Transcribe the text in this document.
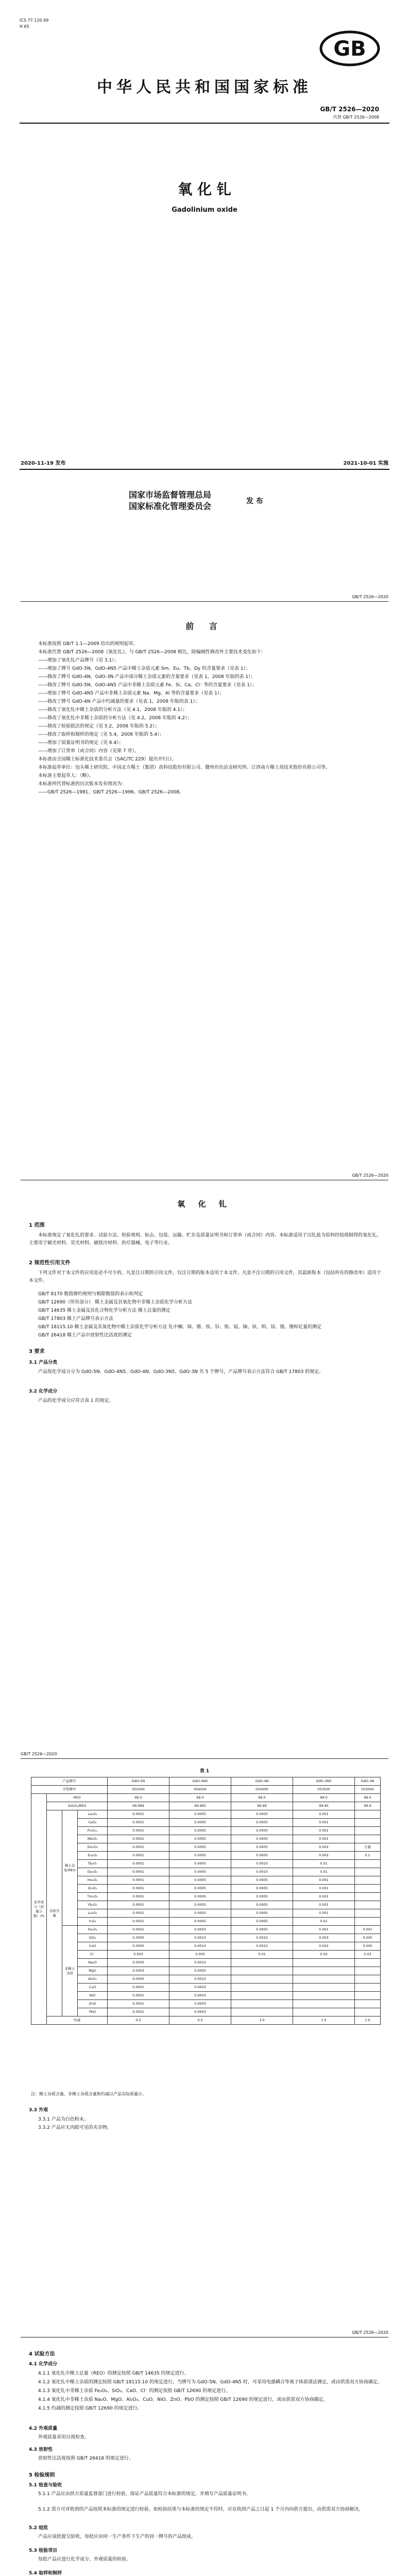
ICS 77.120.99
H 65
GB
中华人民共和国国家标准
GB/T 2526—2020
代替 GB/T 2526—2008
氧 化 钆
Gadolinium oxide
2020-11-19 发布	2021-10-01 实施
国家市场监督管理总局
国家标准化管理委员会	发 布
GB/T 2526—2020
前 言
本标准按照 GB/T 1.1—2009 给出的规则起草。
本标准代替 GB/T 2526—2008《氧化钆》。与 GB/T 2526—2008 相比，除编辑性修改外主要技术变化如下：
——增加了氧化钆产品牌号（见 3.1）；
——增加了牌号 GdO-5N、GdO-4N5 产品中稀土杂质元素 Sm、Eu、Tb、Dy 的含量要求（见表 1）；
——修改了牌号 GdO-4N、GdO-3N 产品中部分稀土杂质元素的含量要求（见表 1，2008 年版的表 1）；
——修改了牌号 GdO-5N、GdO-4N5 产品中非稀土杂质元素 Fe、Si、Ca、Cl⁻ 等的含量要求（见表 1）；
——增加了牌号 GdO-4N5 产品中非稀土杂质元素 Na、Mg、Al 等的含量要求（见表 1）；
——修改了牌号 GdO-4N 产品中灼减量的要求（见表 1，2008 年版的表 1）；
——修改了氧化钆中稀土杂质的分析方法（见 4.1，2008 年版的 4.1）；
——修改了氧化钆中非稀土杂质的分析方法（见 4.2，2008 年版的 4.2）；
——修改了检验批次的规定（见 5.2，2008 年版的 5.2）；
——修改了取样和制样的规定（见 5.4，2008 年版的 5.4）；
——增加了质量证明书的规定（见 6.4）；
——增加了订货单（或合同）内容（见第 7 章）。
本标准由全国稀土标准化技术委员会（SAC/TC 229）提出并归口。
本标准起草单位：包头稀土研究院、中国北方稀土（集团）高科技股份有限公司、赣州有色冶金研究所、江西南方稀土高技术股份有限公司等。
本标准主要起草人：（略）。
本标准所代替标准的历次版本发布情况为：
——GB/T 2526—1981、GB/T 2526—1996、GB/T 2526—2008。
GB/T 2526—2020
氧 化 钆
1 范围
本标准规定了氧化钆的要求、试验方法、检验规则、标志、包装、运输、贮存及质量证明书和订货单（或合同）内容。本标准适用于以钆盐为原料经焙烧制得的氧化钆。主要用于磁光材料、荧光材料、磁致冷材料、医疗器械、电子等行业。
2 规范性引用文件
下列文件对于本文件的应用是必不可少的。凡是注日期的引用文件，仅注日期的版本适用于本文件。凡是不注日期的引用文件，其最新版本（包括所有的修改单）适用于本文件。
GB/T 8170 数值修约规则与极限数值的表示和判定
GB/T 12690（所有部分） 稀土金属及其氧化物中非稀土杂质化学分析方法
GB/T 14635 稀土金属及其化合物化学分析方法 稀土总量的测定
GB/T 17803 稀土产品牌号表示方法
GB/T 18115.10 稀土金属及其氧化物中稀土杂质化学分析方法 钆中镧、铈、镨、钕、钐、铕、铽、镝、钬、铒、铥、镱、镥和钇量的测定
GB/T 26418 稀土产品中放射性比活度的测定
3 要求
3.1 产品分类
产品按化学成分分为 GdO-5N、GdO-4N5、GdO-4N、GdO-3N5、GdO-3N 共 5 个牌号，产品牌号表示方法符合 GB/T 17803 的规定。
3.2 化学成分
产品的化学成分应符合表 1 的规定。
GB/T 2526—2020
表 1
产品牌号				GdO-5N	GdO-4N5	GdO-4N	GdO-3N5	GdO-3N
字符牌号				055000	054500	054000	053500	053000
化学成分（质量分数）/%	REO			99.0	99.0	99.0	99.0	99.0
	Gd₂O₃/REO			99.999	99.995	99.99	99.95	99.9
	杂质含量	稀土杂质/REO	La₂O₃	0.0001	0.0005	0.0005	0.001	
			CeO₂	0.0001	0.0005	0.0005	0.001	
			Pr₆O₁₁	0.0001	0.0005	0.0005	0.001	
			Nd₂O₃	0.0001	0.0005	0.0005	0.001	
			Sm₂O₃	0.0001	0.0005	0.0005	0.002	合量
			Eu₂O₃	0.0001	0.0005	0.0005	0.002	0.1
			Tb₄O₇	0.0001	0.0005	0.0010	0.01	
			Dy₂O₃	0.0001	0.0005	0.0010	0.01	
			Ho₂O₃	0.0001	0.0005	0.0005	0.001	
			Er₂O₃	0.0001	0.0005	0.0005	0.001	
			Tm₂O₃	0.0001	0.0005	0.0005	0.001	
			Yb₂O₃	0.0001	0.0005	0.0005	0.001	
			Lu₂O₃	0.0001	0.0005	0.0005	0.001	
			Y₂O₃	0.0001	0.0005	0.0005	0.01	
		非稀土杂质	Fe₂O₃	0.0001	0.0003	0.0005	0.001	0.001
			SiO₂	0.0005	0.0010	0.0010	0.003	0.005
			CaO	0.0005	0.0010	0.0010	0.002	0.005
			Cl⁻	0.003	0.005	0.01	0.02	0.03
			Na₂O	0.0005	0.0010			
			MgO	0.0003	0.0005			
			Al₂O₃	0.0005	0.0010			
			CuO	0.0001	0.0003			
			NiO	0.0001	0.0003			
			ZnO	0.0001	0.0003			
			PbO	0.0001	0.0003			
	灼减			0.5	0.5	1.0	1.0	1.0
注：稀土杂质含量、非稀土杂质含量和灼减以产品实际质量计。
3.3 外观
3.3.1 产品为白色粉末。
3.3.2 产品应无肉眼可见的夹杂物。
GB/T 2526—2020
4 试验方法
4.1 化学成分
4.1.1 氧化钆中稀土总量（REO）的测定按照 GB/T 14635 的规定进行。
4.1.2 氧化钆中稀土杂质的测定按照 GB/T 18115.10 的规定进行，当牌号为 GdO-5N、GdO-4N5 时，可采用电感耦合等离子体质谱法测定，或由供需双方协商确定。
4.1.3 氧化钆中非稀土杂质 Fe₂O₃、SiO₂、CaO、Cl⁻ 的测定按照 GB/T 12690 的规定进行。
4.1.4 氧化钆中非稀土杂质 Na₂O、MgO、Al₂O₃、CuO、NiO、ZnO、PbO 的测定按照 GB/T 12690 的规定进行，或由供需双方协商确定。
4.1.5 灼减的测定按照 GB/T 12690 的规定进行。
4.2 外观质量
外观质量采用目视检查。
4.3 放射性
放射性比活度按照 GB/T 26418 的规定进行。
5 检验规则
5.1 检查与验收
5.1.1 产品应由供方质量监督部门进行检验，保证产品质量符合本标准的规定，并填写产品质量证明书。
5.1.2 需方可对收到的产品按照本标准的规定进行检验。如检验结果与本标准的规定不符时，应在收到产品之日起 1 个月内向供方提出，由供需双方协商解决。
5.2 组批
产品应成批提交验收，每批应由同一生产条件下生产的同一牌号的产品组成。
5.3 检验项目
每批产品应进行化学成分、外观质量的检验。
5.4 取样和制样
